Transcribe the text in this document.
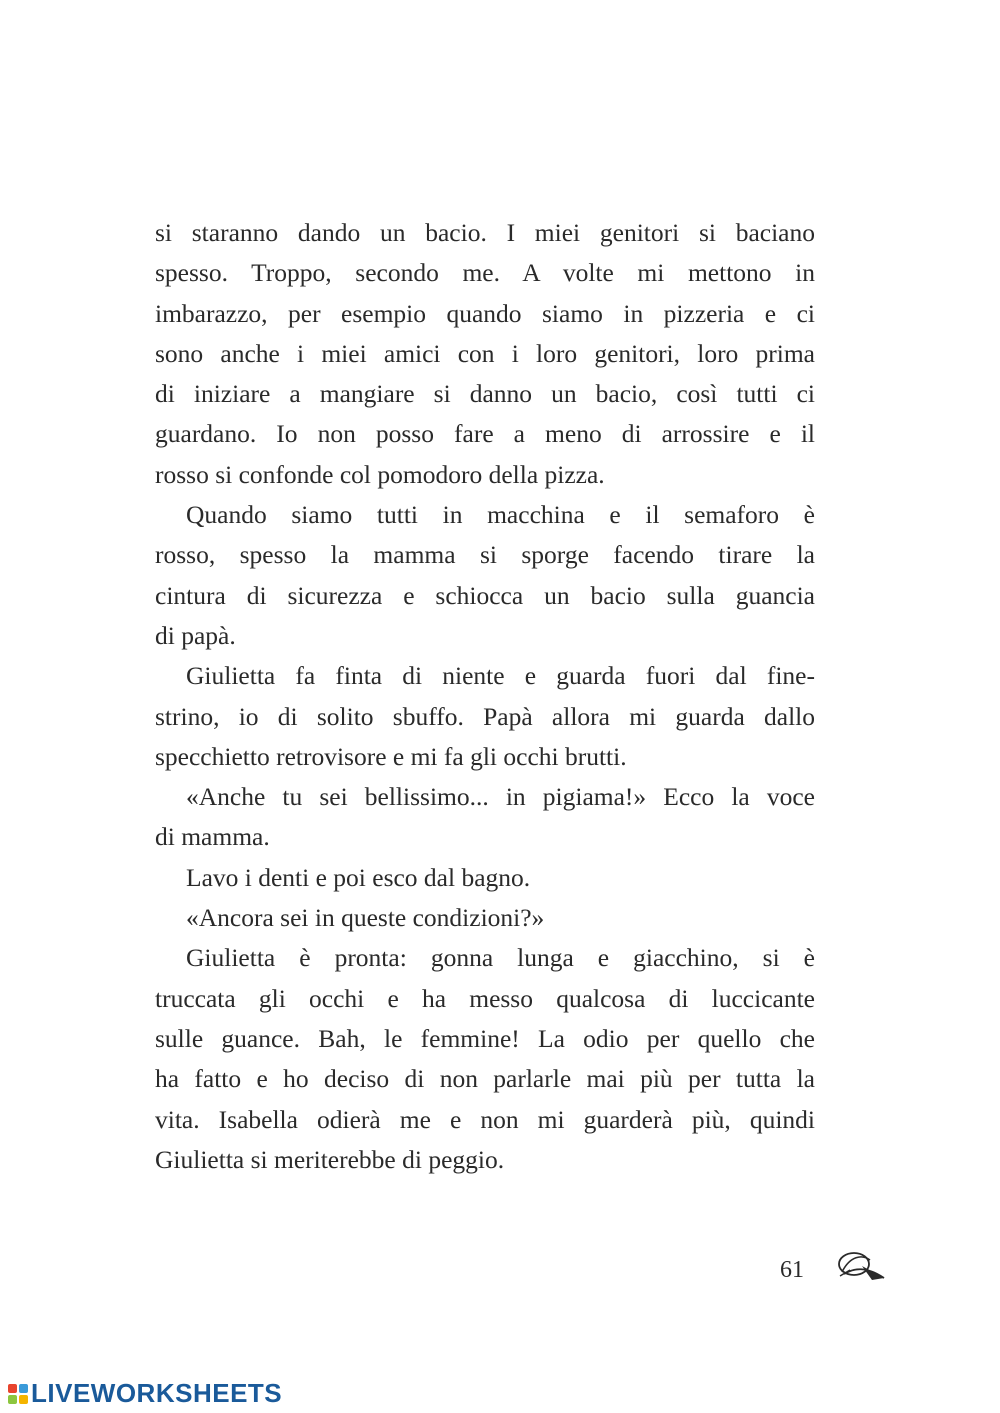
si staranno dando un bacio. I miei genitori si baciano
spesso. Troppo, secondo me. A volte mi mettono in
imbarazzo, per esempio quando siamo in pizzeria e ci
sono anche i miei amici con i loro genitori, loro prima
di iniziare a mangiare si danno un bacio, così tutti ci
guardano. Io non posso fare a meno di arrossire e il
rosso si confonde col pomodoro della pizza.
Quando siamo tutti in macchina e il semaforo è
rosso, spesso la mamma si sporge facendo tirare la
cintura di sicurezza e schiocca un bacio sulla guancia
di papà.
Giulietta fa finta di niente e guarda fuori dal fine-
strino, io di solito sbuffo. Papà allora mi guarda dallo
specchietto retrovisore e mi fa gli occhi brutti.
«Anche tu sei bellissimo... in pigiama!» Ecco la voce
di mamma.
Lavo i denti e poi esco dal bagno.
«Ancora sei in queste condizioni?»
Giulietta è pronta: gonna lunga e giacchino, si è
truccata gli occhi e ha messo qualcosa di luccicante
sulle guance. Bah, le femmine! La odio per quello che
ha fatto e ho deciso di non parlarle mai più per tutta la
vita. Isabella odierà me e non mi guarderà più, quindi
Giulietta si meriterebbe di peggio.
61
LIVEWORKSHEETS
